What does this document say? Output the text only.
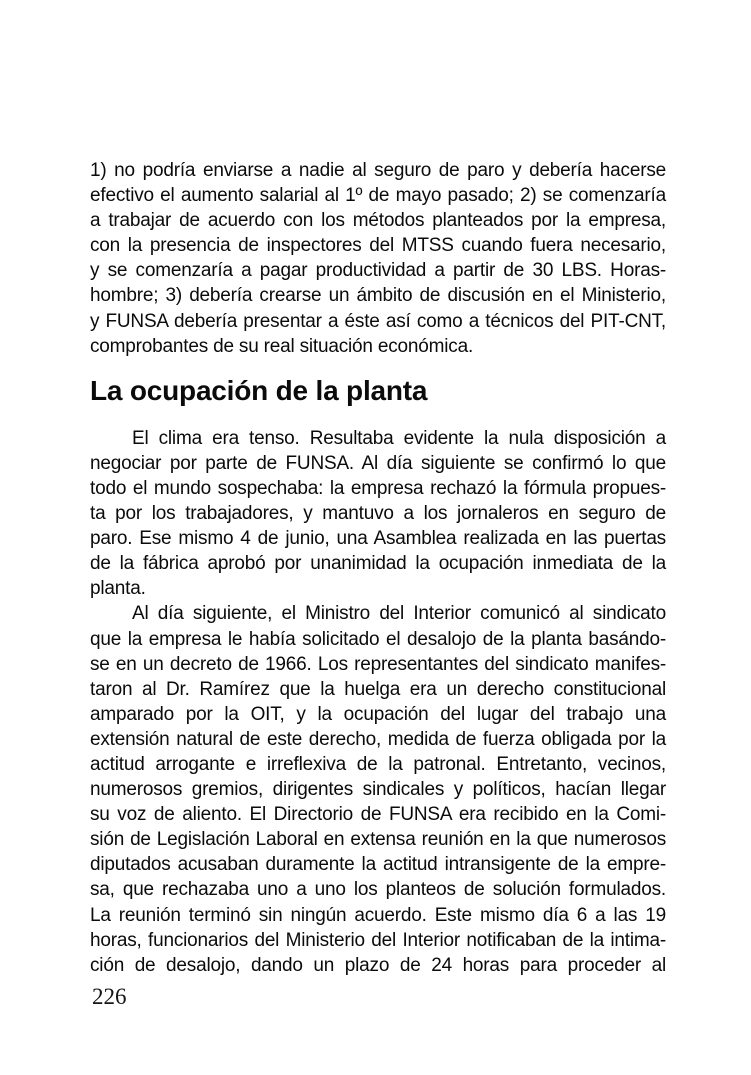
1) no podría enviarse a nadie al seguro de paro y debería hacerse
efectivo el aumento salarial al 1º de mayo pasado; 2) se comenzaría
a trabajar de acuerdo con los métodos planteados por la empresa,
con la presencia de inspectores del MTSS cuando fuera necesario,
y se comenzaría a pagar productividad a partir de 30 LBS. Horas-
hombre; 3) debería crearse un ámbito de discusión en el Ministerio,
y FUNSA debería presentar a éste así como a técnicos del PIT-CNT,
comprobantes de su real situación económica.
La ocupación de la planta
El clima era tenso. Resultaba evidente la nula disposición a
negociar por parte de FUNSA. Al día siguiente se confirmó lo que
todo el mundo sospechaba: la empresa rechazó la fórmula propues-
ta por los trabajadores, y mantuvo a los jornaleros en seguro de
paro. Ese mismo 4 de junio, una Asamblea realizada en las puertas
de la fábrica aprobó por unanimidad la ocupación inmediata de la
planta.
Al día siguiente, el Ministro del Interior comunicó al sindicato
que la empresa le había solicitado el desalojo de la planta basándo-
se en un decreto de 1966. Los representantes del sindicato manifes-
taron al Dr. Ramírez que la huelga era un derecho constitucional
amparado por la OIT, y la ocupación del lugar del trabajo una
extensión natural de este derecho, medida de fuerza obligada por la
actitud arrogante e irreflexiva de la patronal. Entretanto, vecinos,
numerosos gremios, dirigentes sindicales y políticos, hacían llegar
su voz de aliento. El Directorio de FUNSA era recibido en la Comi-
sión de Legislación Laboral en extensa reunión en la que numerosos
diputados acusaban duramente la actitud intransigente de la empre-
sa, que rechazaba uno a uno los planteos de solución formulados.
La reunión terminó sin ningún acuerdo. Este mismo día 6 a las 19
horas, funcionarios del Ministerio del Interior notificaban de la intima-
ción de desalojo, dando un plazo de 24 horas para proceder al
226
